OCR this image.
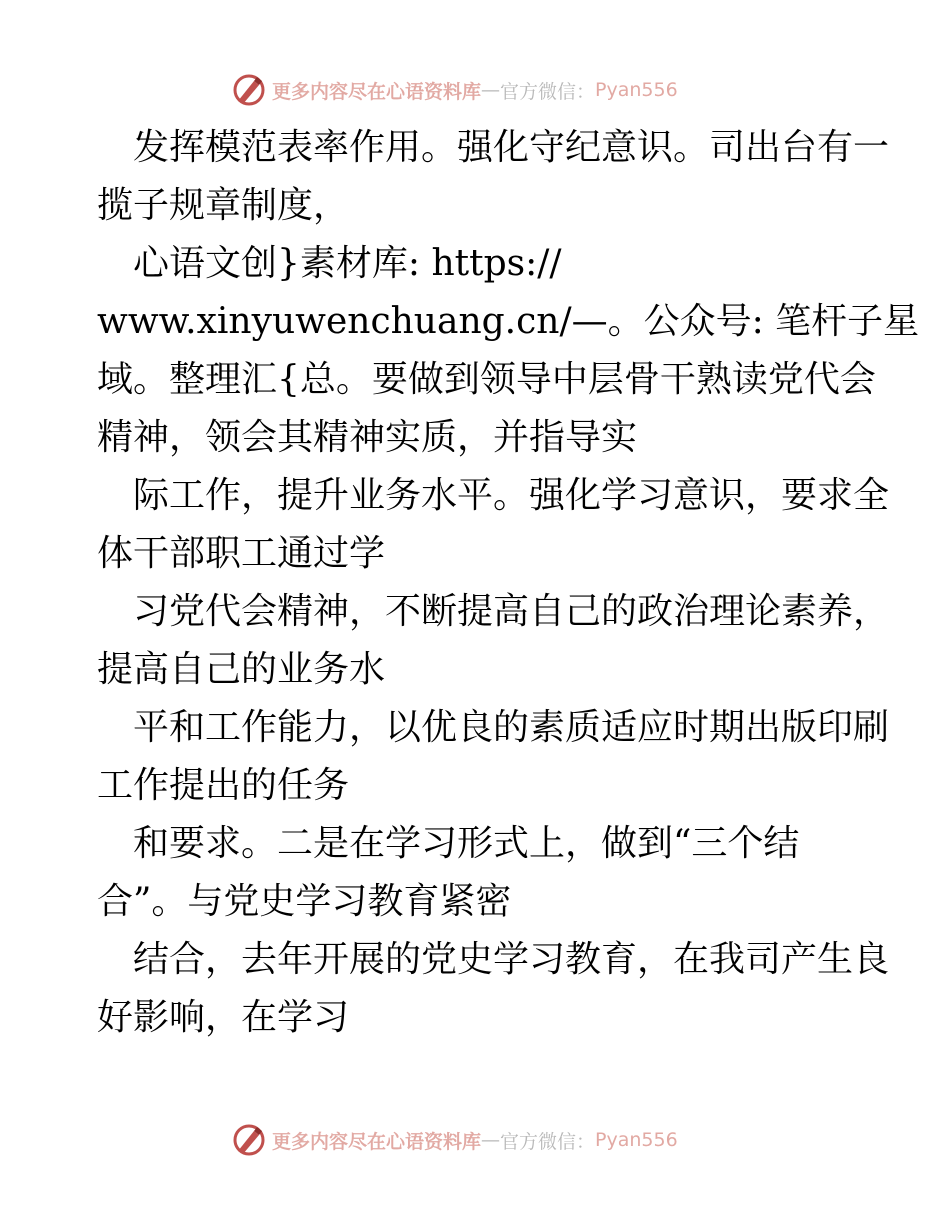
更多内容尽在心语资料库 — 官方微信： Pyan556
发挥模范表率作用。强化守纪意识。司出台有一
揽子规章制度，
心语文创}素材库: https://
www.xinyuwenchuang.cn/—。公众号: 笔杆子星
域。整理汇{总。要做到领导中层骨干熟读党代会
精神，领会其精神实质，并指导实
际工作，提升业务水平。强化学习意识，要求全
体干部职工通过学
习党代会精神，不断提高自己的政治理论素养，
提高自己的业务水
平和工作能力，以优良的素质适应时期出版印刷
工作提出的任务
和要求。二是在学习形式上，做到“三个结
合”。与党史学习教育紧密
结合，去年开展的党史学习教育，在我司产生良
好影响，在学习
更多内容尽在心语资料库 — 官方微信： Pyan556
